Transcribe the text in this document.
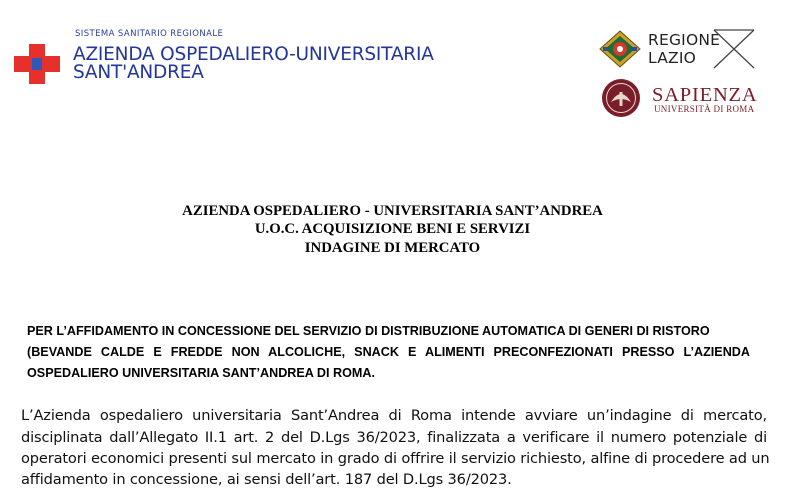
SISTEMA SANITARIO REGIONALE
AZIENDA OSPEDALIERO-UNIVERSITARIA
SANT'ANDREA
REGIONE
LAZIO
SAPIENZA
UNIVERSITÀ DI ROMA
AZIENDA OSPEDALIERO - UNIVERSITARIA SANT’ANDREA
U.O.C. ACQUISIZIONE BENI E SERVIZI
INDAGINE DI MERCATO
PER L’AFFIDAMENTO IN CONCESSIONE DEL SERVIZIO DI DISTRIBUZIONE AUTOMATICA DI GENERI DI RISTORO
(BEVANDE CALDE E FREDDE NON ALCOLICHE, SNACK E ALIMENTI PRECONFEZIONATI PRESSO L’AZIENDA
OSPEDALIERO UNIVERSITARIA SANT’ANDREA DI ROMA.
L’Azienda ospedaliero universitaria Sant’Andrea di Roma intende avviare un’indagine di mercato,
disciplinata dall’Allegato II.1 art. 2 del D.Lgs 36/2023, finalizzata a verificare il numero potenziale di
operatori economici presenti sul mercato in grado di offrire il servizio richiesto, alfine di procedere ad un
affidamento in concessione, ai sensi dell’art. 187 del D.Lgs 36/2023.
